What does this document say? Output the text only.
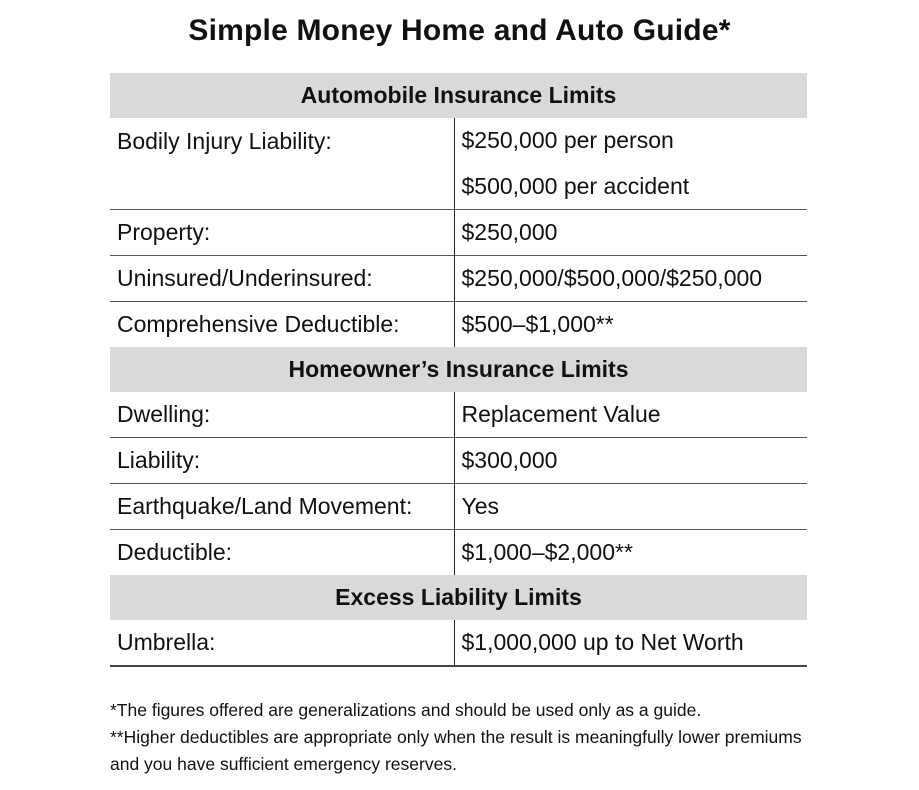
Simple Money Home and Auto Guide*
Automobile Insurance Limits	
Bodily Injury Liability:	$250,000 per person
	$500,000 per accident
Property:	$250,000
Uninsured/Underinsured:	$250,000/$500,000/$250,000
Comprehensive Deductible:	$500–$1,000**
Homeowner’s Insurance Limits	
Dwelling:	Replacement Value
Liability:	$300,000
Earthquake/Land Movement:	Yes
Deductible:	$1,000–$2,000**
Excess Liability Limits	
Umbrella:	$1,000,000 up to Net Worth
*The figures offered are generalizations and should be used only as a guide.
**Higher deductibles are appropriate only when the result is meaningfully lower premiums and you have sufficient emergency reserves.
